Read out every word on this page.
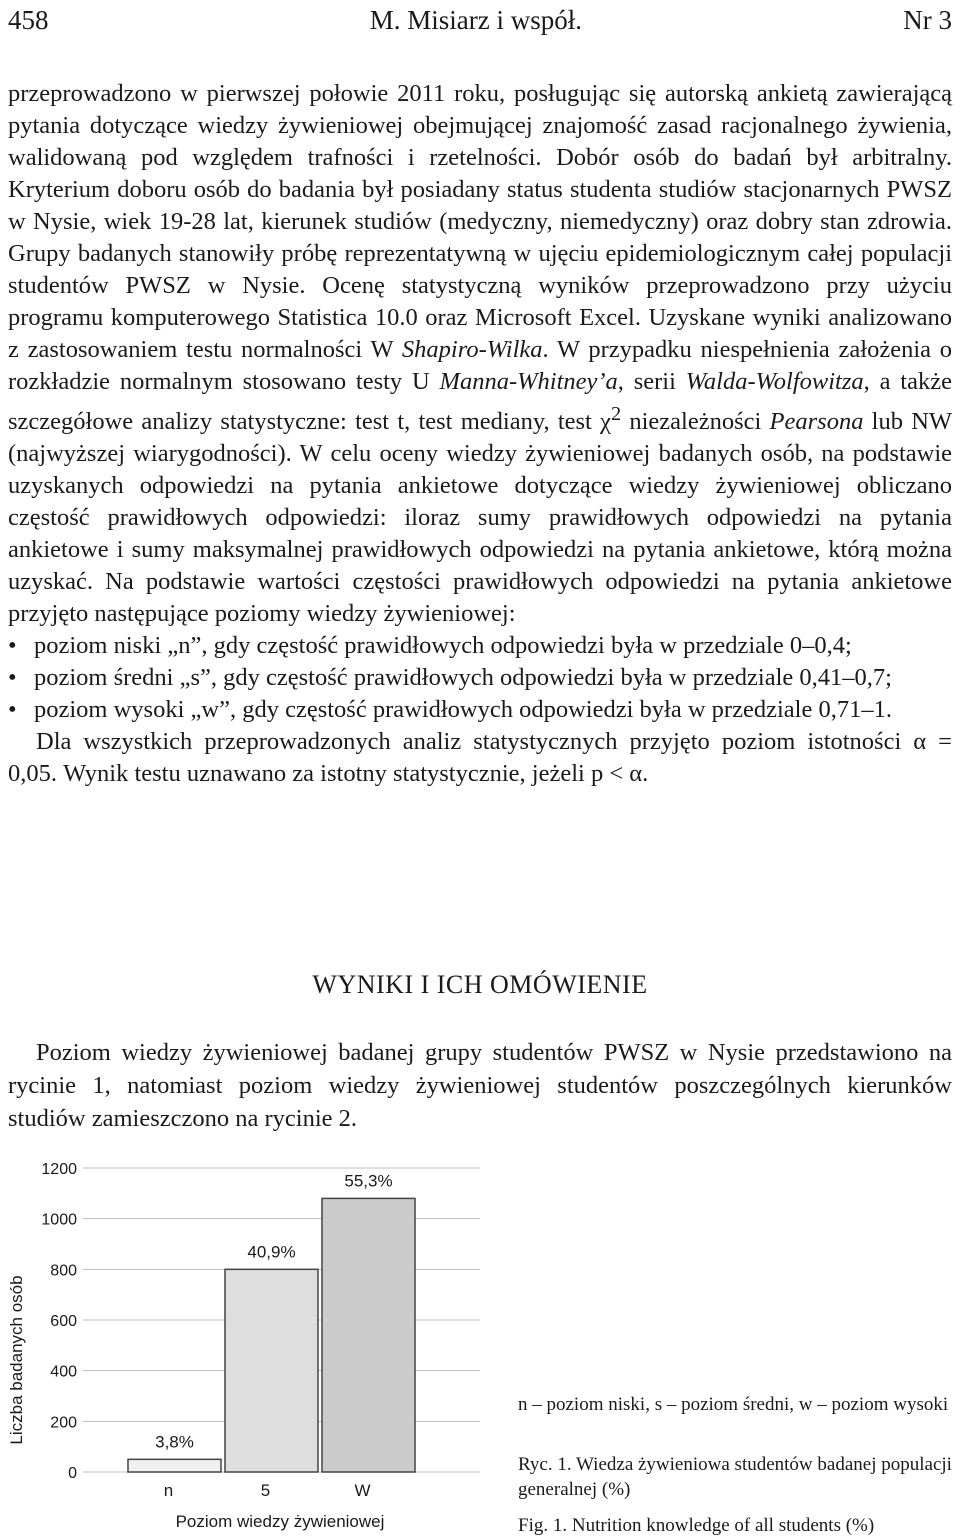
458	M. Misiarz i współ.	Nr 3

przeprowadzono w pierwszej połowie 2011 roku, posługując się autorską ankietą zawierającą pytania dotyczące wiedzy żywieniowej obejmującej znajomość zasad racjonalnego żywienia, walidowaną pod względem trafności i rzetelności. Dobór osób do badań był arbitralny. Kryterium doboru osób do badania był posiadany status studenta studiów stacjonarnych PWSZ w Nysie, wiek 19-28 lat, kierunek studiów (medyczny, niemedyczny) oraz dobry stan zdrowia. Grupy badanych stanowiły próbę reprezentatywną w ujęciu epidemiologicznym całej populacji studentów PWSZ w Nysie. Ocenę statystyczną wyników przeprowadzono przy użyciu programu komputerowego Statistica 10.0 oraz Microsoft Excel. Uzyskane wyniki analizowano z zastosowaniem testu normalności W Shapiro-Wilka. W przypadku niespełnienia założenia o rozkładzie normalnym stosowano testy U Manna-Whitney’a, serii Walda-Wolfowitza, a także szczegółowe analizy statystyczne: test t, test mediany, test $\chi^2$ niezależności Pearsona lub NW (najwyższej wiarygodności). W celu oceny wiedzy żywieniowej badanych osób, na podstawie uzyskanych odpowiedzi na pytania ankietowe dotyczące wiedzy żywieniowej obliczano częstość prawidłowych odpowiedzi: iloraz sumy prawidłowych odpowiedzi na pytania ankietowe i sumy maksymalnej prawidłowych odpowiedzi na pytania ankietowe, którą można uzyskać. Na podstawie wartości częstości prawidłowych odpowiedzi na pytania ankietowe przyjęto następujące poziomy wiedzy żywieniowej:

• poziom niski „n”, gdy częstość prawidłowych odpowiedzi była w przedziale 0–0,4;

• poziom średni „s”, gdy częstość prawidłowych odpowiedzi była w przedziale 0,41–0,7;

• poziom wysoki „w”, gdy częstość prawidłowych odpowiedzi była w przedziale 0,71–1.

Dla wszystkich przeprowadzonych analiz statystycznych przyjęto poziom istotności α = 0,05. Wynik testu uznawano za istotny statystycznie, jeżeli p < α.

WYNIKI I ICH OMÓWIENIE

Poziom wiedzy żywieniowej badanej grupy studentów PWSZ w Nysie przedstawiono na rycinie 1, natomiast poziom wiedzy żywieniowej studentów poszczególnych kierunków studiów zamieszczono na rycinie 2.

0
200
400
600
800
1000
1200
n	5	W
3,8%
40,9%
55,3%
Liczba badanych osób
Poziom wiedzy żywieniowej
n – poziom niski, s – poziom średni, w – poziom wysoki
Ryc. 1. Wiedza żywieniowa studentów badanej populacji generalnej (%)
Fig. 1. Nutrition knowledge of all students (%)
